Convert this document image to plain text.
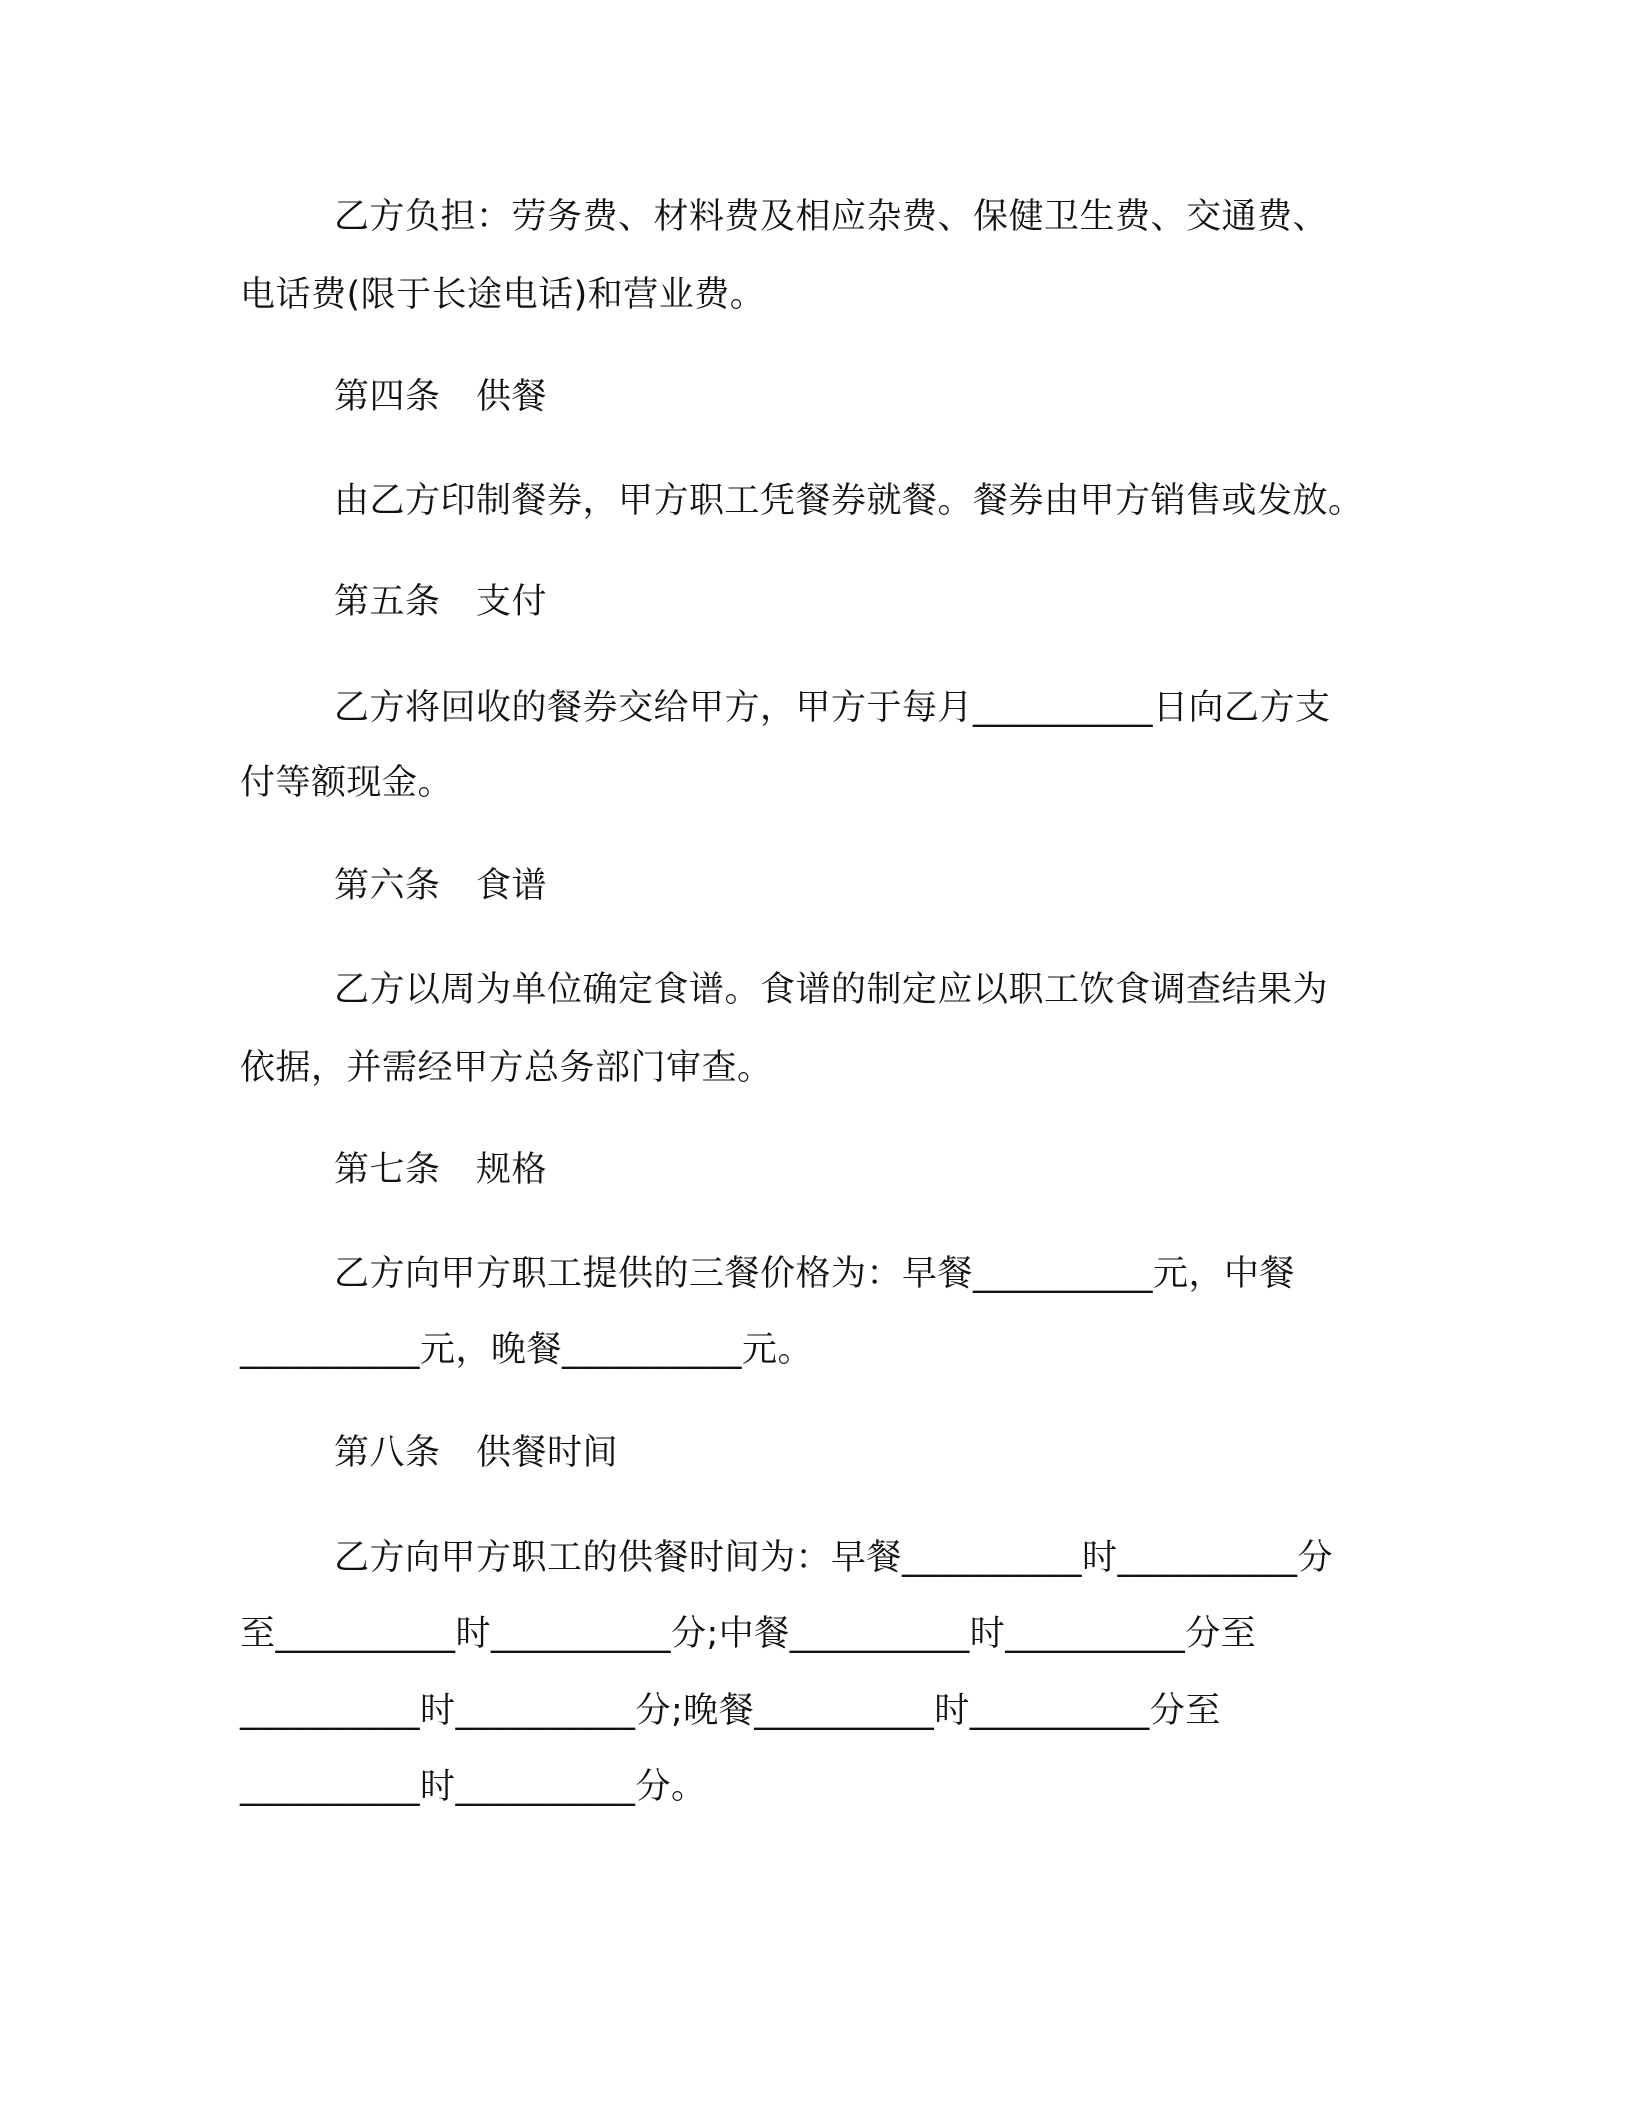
乙方负担：劳务费、材料费及相应杂费、保健卫生费、交通费、

电话费(限于长途电话)和营业费。

第四条　供餐

由乙方印制餐券，甲方职工凭餐券就餐。餐券由甲方销售或发放。

第五条　支付

乙方将回收的餐券交给甲方，甲方于每月__________日向乙方支

付等额现金。

第六条　食谱

乙方以周为单位确定食谱。食谱的制定应以职工饮食调查结果为

依据，并需经甲方总务部门审查。

第七条　规格

乙方向甲方职工提供的三餐价格为：早餐__________元，中餐

__________元，晚餐__________元。

第八条　供餐时间

乙方向甲方职工的供餐时间为：早餐__________时__________分

至__________时__________分;中餐__________时__________分至

__________时__________分;晚餐__________时__________分至

__________时__________分。
